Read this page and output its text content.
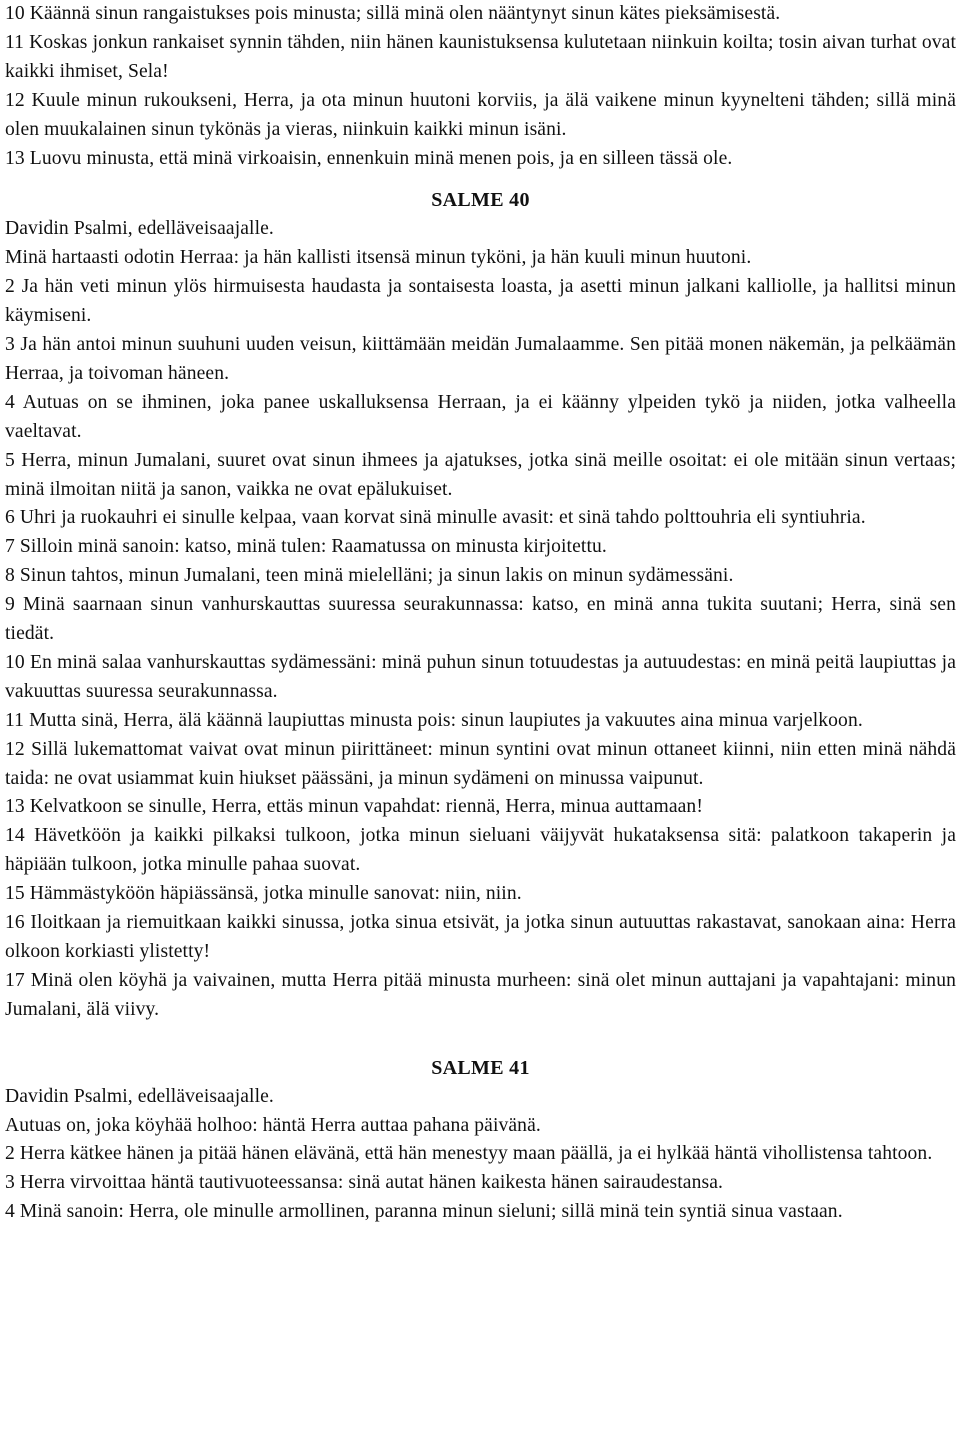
10 Käännä sinun rangaistukses pois minusta; sillä minä olen nääntynyt sinun kätes pieksämisestä.

11 Koskas jonkun rankaiset synnin tähden, niin hänen kaunistuksensa kulutetaan niinkuin koilta; tosin aivan turhat ovat kaikki ihmiset, Sela!

12 Kuule minun rukoukseni, Herra, ja ota minun huutoni korviis, ja älä vaikene minun kyynelteni tähden; sillä minä olen muukalainen sinun tykönäs ja vieras, niinkuin kaikki minun isäni.

13 Luovu minusta, että minä virkoaisin, ennenkuin minä menen pois, ja en silleen tässä ole.

SALME 40

Davidin Psalmi, edelläveisaajalle.

Minä hartaasti odotin Herraa: ja hän kallisti itsensä minun tyköni, ja hän kuuli minun huutoni.

2 Ja hän veti minun ylös hirmuisesta haudasta ja sontaisesta loasta, ja asetti minun jalkani kalliolle, ja hallitsi minun käymiseni.

3 Ja hän antoi minun suuhuni uuden veisun, kiittämään meidän Jumalaamme. Sen pitää monen näkemän, ja pelkäämän Herraa, ja toivoman häneen.

4 Autuas on se ihminen, joka panee uskalluksensa Herraan, ja ei käänny ylpeiden tykö ja niiden, jotka valheella vaeltavat.

5 Herra, minun Jumalani, suuret ovat sinun ihmees ja ajatukses, jotka sinä meille osoitat: ei ole mitään sinun vertaas; minä ilmoitan niitä ja sanon, vaikka ne ovat epälukuiset.

6 Uhri ja ruokauhri ei sinulle kelpaa, vaan korvat sinä minulle avasit: et sinä tahdo polttouhria eli syntiuhria.

7 Silloin minä sanoin: katso, minä tulen: Raamatussa on minusta kirjoitettu.

8 Sinun tahtos, minun Jumalani, teen minä mielelläni; ja sinun lakis on minun sydämessäni.

9 Minä saarnaan sinun vanhurskauttas suuressa seurakunnassa: katso, en minä anna tukita suutani; Herra, sinä sen tiedät.

10 En minä salaa vanhurskauttas sydämessäni: minä puhun sinun totuudestas ja autuudestas: en minä peitä laupiuttas ja vakuuttas suuressa seurakunnassa.

11 Mutta sinä, Herra, älä käännä laupiuttas minusta pois: sinun laupiutes ja vakuutes aina minua varjelkoon.

12 Sillä lukemattomat vaivat ovat minun piirittäneet: minun syntini ovat minun ottaneet kiinni, niin etten minä nähdä taida: ne ovat usiammat kuin hiukset päässäni, ja minun sydämeni on minussa vaipunut.

13 Kelvatkoon se sinulle, Herra, ettäs minun vapahdat: riennä, Herra, minua auttamaan!

14 Hävetköön ja kaikki pilkaksi tulkoon, jotka minun sieluani väijyvät hukataksensa sitä: palatkoon takaperin ja häpiään tulkoon, jotka minulle pahaa suovat.

15 Hämmästyköön häpiässänsä, jotka minulle sanovat: niin, niin.

16 Iloitkaan ja riemuitkaan kaikki sinussa, jotka sinua etsivät, ja jotka sinun autuuttas rakastavat, sanokaan aina: Herra olkoon korkiasti ylistetty!

17 Minä olen köyhä ja vaivainen, mutta Herra pitää minusta murheen: sinä olet minun auttajani ja vapahtajani: minun Jumalani, älä viivy.

SALME 41

Davidin Psalmi, edelläveisaajalle.

Autuas on, joka köyhää holhoo: häntä Herra auttaa pahana päivänä.

2 Herra kätkee hänen ja pitää hänen elävänä, että hän menestyy maan päällä, ja ei hylkää häntä vihollistensa tahtoon.

3 Herra virvoittaa häntä tautivuoteessansa: sinä autat hänen kaikesta hänen sairaudestansa.

4 Minä sanoin: Herra, ole minulle armollinen, paranna minun sieluni; sillä minä tein syntiä sinua vastaan.
